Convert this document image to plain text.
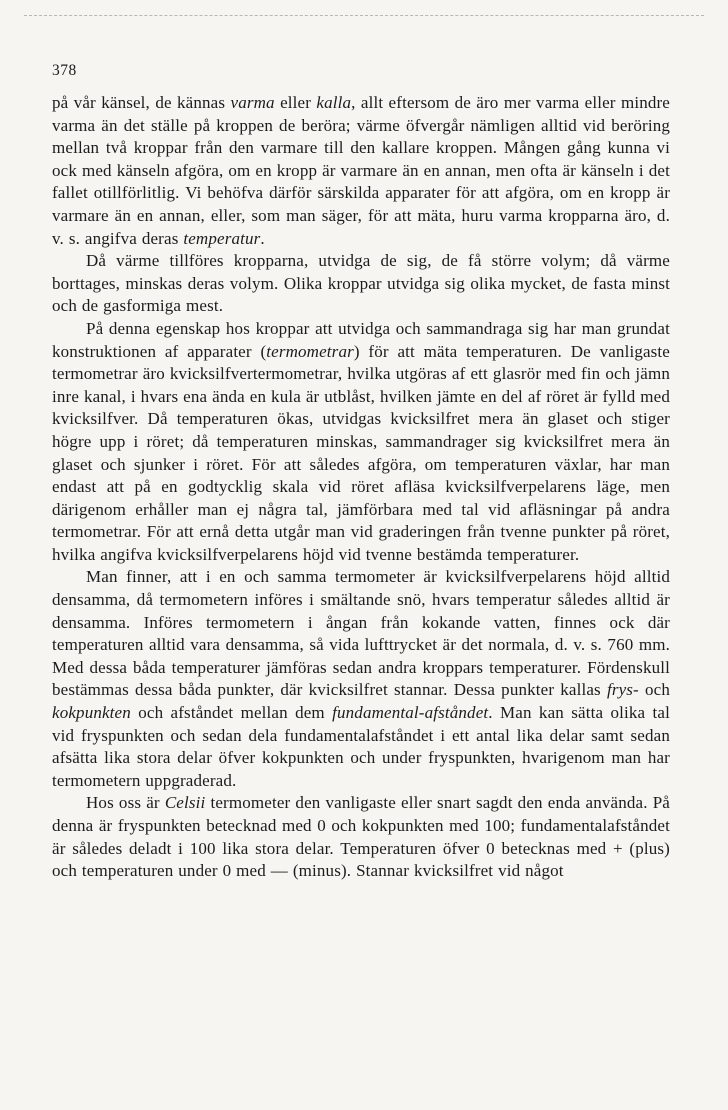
378

på vår känsel, de kännas varma eller kalla, allt eftersom de äro mer varma eller mindre varma än det ställe på kroppen de beröra; värme öfvergår nämligen alltid vid beröring mellan två kroppar från den varmare till den kallare kroppen. Mången gång kunna vi ock med känseln afgöra, om en kropp är varmare än en annan, men ofta är känseln i det fallet otillförlitlig. Vi behöfva därför särskilda apparater för att afgöra, om en kropp är varmare än en annan, eller, som man säger, för att mäta, huru varma kropparna äro, d. v. s. angifva deras temperatur.

Då värme tillföres kropparna, utvidga de sig, de få större volym; då värme borttages, minskas deras volym. Olika kroppar utvidga sig olika mycket, de fasta minst och de gasformiga mest.

På denna egenskap hos kroppar att utvidga och sammandraga sig har man grundat konstruktionen af apparater (termometrar) för att mäta temperaturen. De vanligaste termometrar äro kvicksilfvertermometrar, hvilka utgöras af ett glasrör med fin och jämn inre kanal, i hvars ena ända en kula är utblåst, hvilken jämte en del af röret är fylld med kvicksilfver. Då temperaturen ökas, utvidgas kvicksilfret mera än glaset och stiger högre upp i röret; då temperaturen minskas, sammandrager sig kvicksilfret mera än glaset och sjunker i röret. För att således afgöra, om temperaturen växlar, har man endast att på en godtycklig skala vid röret afläsa kvicksilfverpelarens läge, men därigenom erhåller man ej några tal, jämförbara med tal vid afläsningar på andra termometrar. För att ernå detta utgår man vid graderingen från tvenne punkter på röret, hvilka angifva kvicksilfverpelarens höjd vid tvenne bestämda temperaturer.

Man finner, att i en och samma termometer är kvicksilfverpelarens höjd alltid densamma, då termometern införes i smältande snö, hvars temperatur således alltid är densamma. Införes termometern i ångan från kokande vatten, finnes ock där temperaturen alltid vara densamma, så vida lufttrycket är det normala, d. v. s. 760 mm. Med dessa båda temperaturer jämföras sedan andra kroppars temperaturer. Fördenskull bestämmas dessa båda punkter, där kvicksilfret stannar. Dessa punkter kallas frys- och kokpunkten och afståndet mellan dem fundamental-afståndet. Man kan sätta olika tal vid fryspunkten och sedan dela fundamentalafståndet i ett antal lika delar samt sedan afsätta lika stora delar öfver kokpunkten och under fryspunkten, hvarigenom man har termometern uppgraderad.

Hos oss är Celsii termometer den vanligaste eller snart sagdt den enda använda. På denna är fryspunkten betecknad med 0 och kokpunkten med 100; fundamentalafståndet är således deladt i 100 lika stora delar. Temperaturen öfver 0 betecknas med + (plus) och temperaturen under 0 med — (minus). Stannar kvicksilfret vid något
